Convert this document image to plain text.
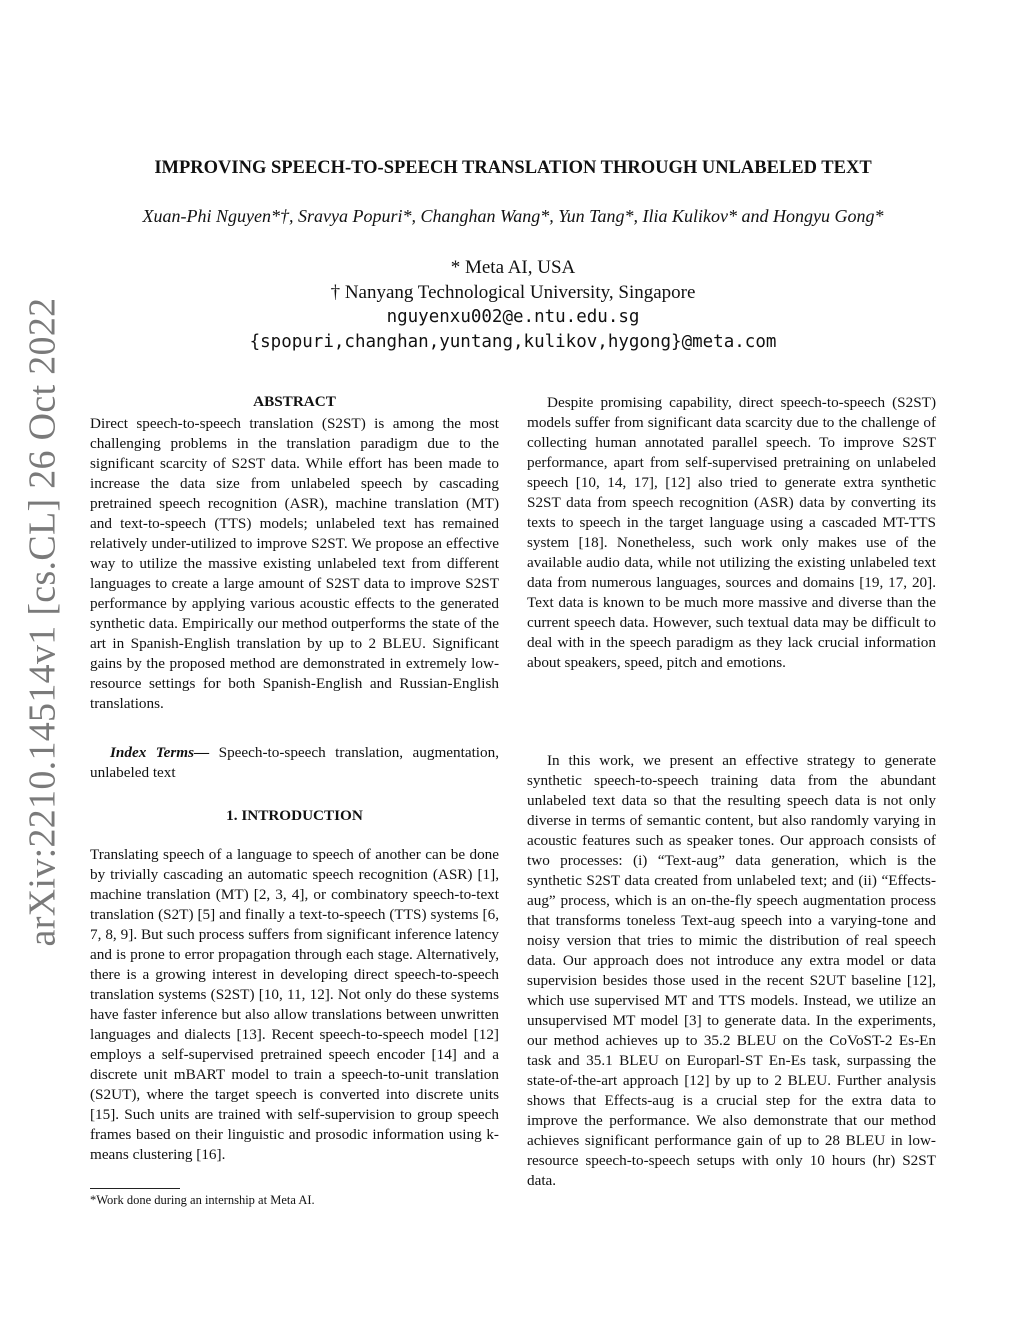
arXiv:2210.14514v1 [cs.CL] 26 Oct 2022
IMPROVING SPEECH-TO-SPEECH TRANSLATION THROUGH UNLABELED TEXT
Xuan-Phi Nguyen*†, Sravya Popuri*, Changhan Wang*, Yun Tang*, Ilia Kulikov* and Hongyu Gong*
* Meta AI, USA
† Nanyang Technological University, Singapore
nguyenxu002@e.ntu.edu.sg
{spopuri,changhan,yuntang,kulikov,hygong}@meta.com
ABSTRACT

Direct speech-to-speech translation (S2ST) is among the most challenging problems in the translation paradigm due to the significant scarcity of S2ST data. While effort has been made to increase the data size from unlabeled speech by cascading pretrained speech recognition (ASR), machine translation (MT) and text-to-speech (TTS) models; unlabeled text has remained relatively under-utilized to improve S2ST. We propose an effective way to utilize the massive existing unlabeled text from different languages to create a large amount of S2ST data to improve S2ST performance by applying various acoustic effects to the generated synthetic data. Empirically our method outperforms the state of the art in Spanish-English translation by up to 2 BLEU. Significant gains by the proposed method are demonstrated in extremely low-resource settings for both Spanish-English and Russian-English translations.

Index Terms— Speech-to-speech translation, augmentation, unlabeled text

1. INTRODUCTION

Translating speech of a language to speech of another can be done by trivially cascading an automatic speech recognition (ASR) [1], machine translation (MT) [2, 3, 4], or combinatory speech-to-text translation (S2T) [5] and finally a text-to-speech (TTS) systems [6, 7, 8, 9]. But such process suffers from significant inference latency and is prone to error propagation through each stage. Alternatively, there is a growing interest in developing direct speech-to-speech translation systems (S2ST) [10, 11, 12]. Not only do these systems have faster inference but also allow translations between unwritten languages and dialects [13]. Recent speech-to-speech model [12] employs a self-supervised pretrained speech encoder [14] and a discrete unit mBART model to train a speech-to-unit translation (S2UT), where the target speech is converted into discrete units [15]. Such units are trained with self-supervision to group speech frames based on their linguistic and prosodic information using k-means clustering [16].

*Work done during an internship at Meta AI.

Despite promising capability, direct speech-to-speech (S2ST) models suffer from significant data scarcity due to the challenge of collecting human annotated parallel speech. To improve S2ST performance, apart from self-supervised pretraining on unlabeled speech [10, 14, 17], [12] also tried to generate extra synthetic S2ST data from speech recognition (ASR) data by converting its texts to speech in the target language using a cascaded MT-TTS system [18]. Nonetheless, such work only makes use of the available audio data, while not utilizing the existing unlabeled text data from numerous languages, sources and domains [19, 17, 20]. Text data is known to be much more massive and diverse than the current speech data. However, such textual data may be difficult to deal with in the speech paradigm as they lack crucial information about speakers, speed, pitch and emotions.

In this work, we present an effective strategy to generate synthetic speech-to-speech training data from the abundant unlabeled text data so that the resulting speech data is not only diverse in terms of semantic content, but also randomly varying in acoustic features such as speaker tones. Our approach consists of two processes: (i) “Text-aug” data generation, which is the synthetic S2ST data created from unlabeled text; and (ii) “Effects-aug” process, which is an on-the-fly speech augmentation process that transforms toneless Text-aug speech into a varying-tone and noisy version that tries to mimic the distribution of real speech data. Our approach does not introduce any extra model or data supervision besides those used in the recent S2UT baseline [12], which use supervised MT and TTS models. Instead, we utilize an unsupervised MT model [3] to generate data. In the experiments, our method achieves up to 35.2 BLEU on the CoVoST-2 Es-En task and 35.1 BLEU on Europarl-ST En-Es task, surpassing the state-of-the-art approach [12] by up to 2 BLEU. Further analysis shows that Effects-aug is a crucial step for the extra data to improve the performance. We also demonstrate that our method achieves significant performance gain of up to 28 BLEU in low-resource speech-to-speech setups with only 10 hours (hr) S2ST data.
